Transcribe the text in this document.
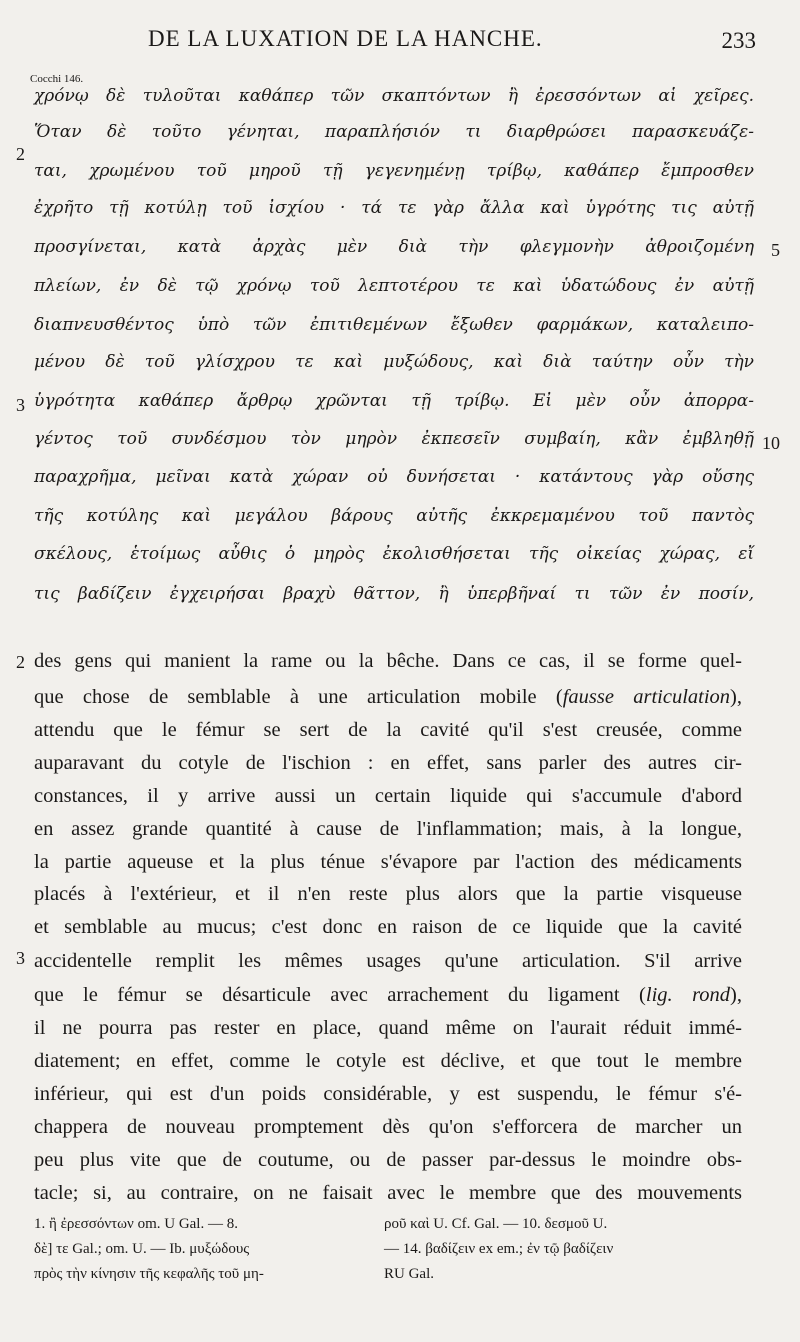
DE LA LUXATION DE LA HANCHE.	233
Cocchi 146.
χρόνῳ δὲ τυλοῦται καθάπερ τῶν σκαπτόντων ἢ ἐρεσσόντων αἱ χεῖρες.
Ὅταν δὲ τοῦτο γένηται, παραπλήσιόν τι διαρθρώσει παρασκευάζε-
ται, χρωμένου τοῦ μηροῦ τῇ γεγενημένῃ τρίβῳ, καθάπερ ἔμπροσθεν
ἐχρῆτο τῇ κοτύλῃ τοῦ ἰσχίου · τά τε γὰρ ἄλλα καὶ ὑγρότης τις αὐτῇ
προσγίνεται, κατὰ ἀρχὰς μὲν διὰ τὴν φλεγμονὴν ἀθροιζομένη
πλείων, ἐν δὲ τῷ χρόνῳ τοῦ λεπτοτέρου τε καὶ ὑδατώδους ἐν αὐτῇ
διαπνευσθέντος ὑπὸ τῶν ἐπιτιθεμένων ἔξωθεν φαρμάκων, καταλειπο-
μένου δὲ τοῦ γλίσχρου τε καὶ μυξώδους, καὶ διὰ ταύτην οὖν τὴν
ὑγρότητα καθάπερ ἄρθρῳ χρῶνται τῇ τρίβῳ. Εἰ μὲν οὖν ἀπορρα-
γέντος τοῦ συνδέσμου τὸν μηρὸν ἐκπεσεῖν συμβαίη, κἂν ἐμβληθῇ
παραχρῆμα, μεῖναι κατὰ χώραν οὐ δυνήσεται · κατάντους γὰρ οὔσης
τῆς κοτύλης καὶ μεγάλου βάρους αὐτῆς ἐκκρεμαμένου τοῦ παντὸς
σκέλους, ἑτοίμως αὖθις ὁ μηρὸς ἐκολισθήσεται τῆς οἰκείας χώρας, εἴ
τις βαδίζειν ἐγχειρήσαι βραχὺ θᾶττον, ἢ ὑπερβῆναί τι τῶν ἐν ποσίν,
2
3
5
10
des gens qui manient la rame ou la bêche. Dans ce cas, il se forme quel-
que chose de semblable à une articulation mobile (fausse articulation),
attendu que le fémur se sert de la cavité qu'il s'est creusée, comme
auparavant du cotyle de l'ischion : en effet, sans parler des autres cir-
constances, il y arrive aussi un certain liquide qui s'accumule d'abord
en assez grande quantité à cause de l'inflammation; mais, à la longue,
la partie aqueuse et la plus ténue s'évapore par l'action des médicaments
placés à l'extérieur, et il n'en reste plus alors que la partie visqueuse
et semblable au mucus; c'est donc en raison de ce liquide que la cavité
accidentelle remplit les mêmes usages qu'une articulation. S'il arrive
que le fémur se désarticule avec arrachement du ligament (lig. rond),
il ne pourra pas rester en place, quand même on l'aurait réduit immé-
diatement; en effet, comme le cotyle est déclive, et que tout le membre
inférieur, qui est d'un poids considérable, y est suspendu, le fémur s'é-
chappera de nouveau promptement dès qu'on s'efforcera de marcher un
peu plus vite que de coutume, ou de passer par-dessus le moindre obs-
tacle; si, au contraire, on ne faisait avec le membre que des mouvements
2
3
1. ἢ ἐρεσσόντων om. U Gal. — 8.
δὲ] τε Gal.; om. U. — Ib. μυξώδους
πρὸς τὴν κίνησιν τῆς κεφαλῆς τοῦ μη-
ροῦ καὶ U. Cf. Gal. — 10. δεσμοῦ U.
— 14. βαδίζειν ex em.; ἐν τῷ βαδίζειν
RU Gal.
